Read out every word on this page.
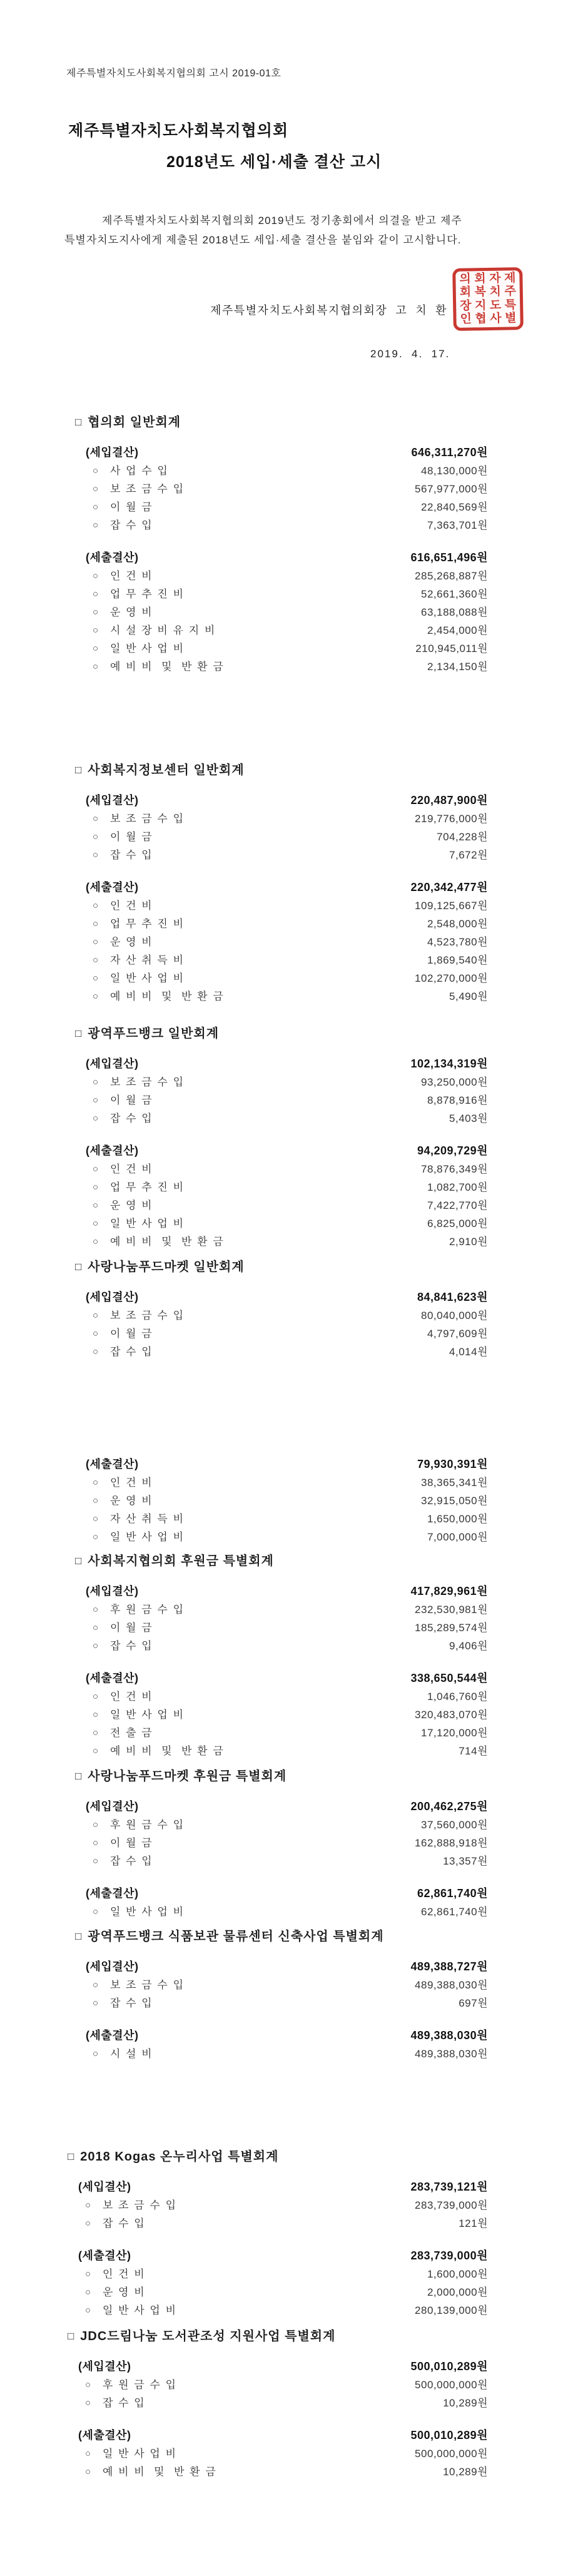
제주특별자치도사회복지협의회 고시 2019-01호
제주특별자치도사회복지협의회
2018년도 세입·세출 결산 고시
제주특별자치도사회복지협의회 2019년도 정기총회에서 의결을 받고 제주
특별자치도지사에게 제출된 2018년도 세입·세출 결산을 붙임와 같이 고시합니다.
제주특별자치도사회복지협의회장  고  치  환
의
회
장
인
회
복
지
협
자
치
도
사
제
주
특
별
2019.  4.  17.
□ 협의회 일반회계
(세입결산)	646,311,270원
○	사 업 수 입	48,130,000원
○	보 조 금 수 입	567,977,000원
○	이 월 금	22,840,569원
○	잡 수 입	7,363,701원
(세출결산)	616,651,496원
○	인 건 비	285,268,887원
○	업 무 추 진 비	52,661,360원
○	운 영 비	63,188,088원
○	시 설 장 비 유 지 비	2,454,000원
○	일 반 사 업 비	210,945,011원
○	예 비 비  및  반 환 금	2,134,150원
□ 사회복지정보센터 일반회계
(세입결산)	220,487,900원
○	보 조 금 수 입	219,776,000원
○	이 월 금	704,228원
○	잡 수 입	7,672원
(세출결산)	220,342,477원
○	인 건 비	109,125,667원
○	업 무 추 진 비	2,548,000원
○	운 영 비	4,523,780원
○	자 산 취 득 비	1,869,540원
○	일 반 사 업 비	102,270,000원
○	예 비 비  및  반 환 금	5,490원
□ 광역푸드뱅크 일반회계
(세입결산)	102,134,319원
○	보 조 금 수 입	93,250,000원
○	이 월 금	8,878,916원
○	잡 수 입	5,403원
(세출결산)	94,209,729원
○	인 건 비	78,876,349원
○	업 무 추 진 비	1,082,700원
○	운 영 비	7,422,770원
○	일 반 사 업 비	6,825,000원
○	예 비 비  및  반 환 금	2,910원
□ 사랑나눔푸드마켓 일반회계
(세입결산)	84,841,623원
○	보 조 금 수 입	80,040,000원
○	이 월 금	4,797,609원
○	잡 수 입	4,014원
(세출결산)	79,930,391원
○	인 건 비	38,365,341원
○	운 영 비	32,915,050원
○	자 산 취 득 비	1,650,000원
○	일 반 사 업 비	7,000,000원
□ 사회복지협의회 후원금 특별회계
(세입결산)	417,829,961원
○	후 원 금 수 입	232,530,981원
○	이 월 금	185,289,574원
○	잡 수 입	9,406원
(세출결산)	338,650,544원
○	인 건 비	1,046,760원
○	일 반 사 업 비	320,483,070원
○	전 출 금	17,120,000원
○	예 비 비  및  반 환 금	714원
□ 사랑나눔푸드마켓 후원금 특별회계
(세입결산)	200,462,275원
○	후 원 금 수 입	37,560,000원
○	이 월 금	162,888,918원
○	잡 수 입	13,357원
(세출결산)	62,861,740원
○	일 반 사 업 비	62,861,740원
□ 광역푸드뱅크 식품보관 물류센터 신축사업 특별회계
(세입결산)	489,388,727원
○	보 조 금 수 입	489,388,030원
○	잡 수 입	697원
(세출결산)	489,388,030원
○	시 설 비	489,388,030원
□ 2018 Kogas 온누리사업 특별회계
(세입결산)	283,739,121원
○	보 조 금 수 입	283,739,000원
○	잡 수 입	121원
(세출결산)	283,739,000원
○	인 건 비	1,600,000원
○	운 영 비	2,000,000원
○	일 반 사 업 비	280,139,000원
□ JDC드림나눔 도서관조성 지원사업 특별회계
(세입결산)	500,010,289원
○	후 원 금 수 입	500,000,000원
○	잡 수 입	10,289원
(세출결산)	500,010,289원
○	일 반 사 업 비	500,000,000원
○	예 비 비  및  반 환 금	10,289원
